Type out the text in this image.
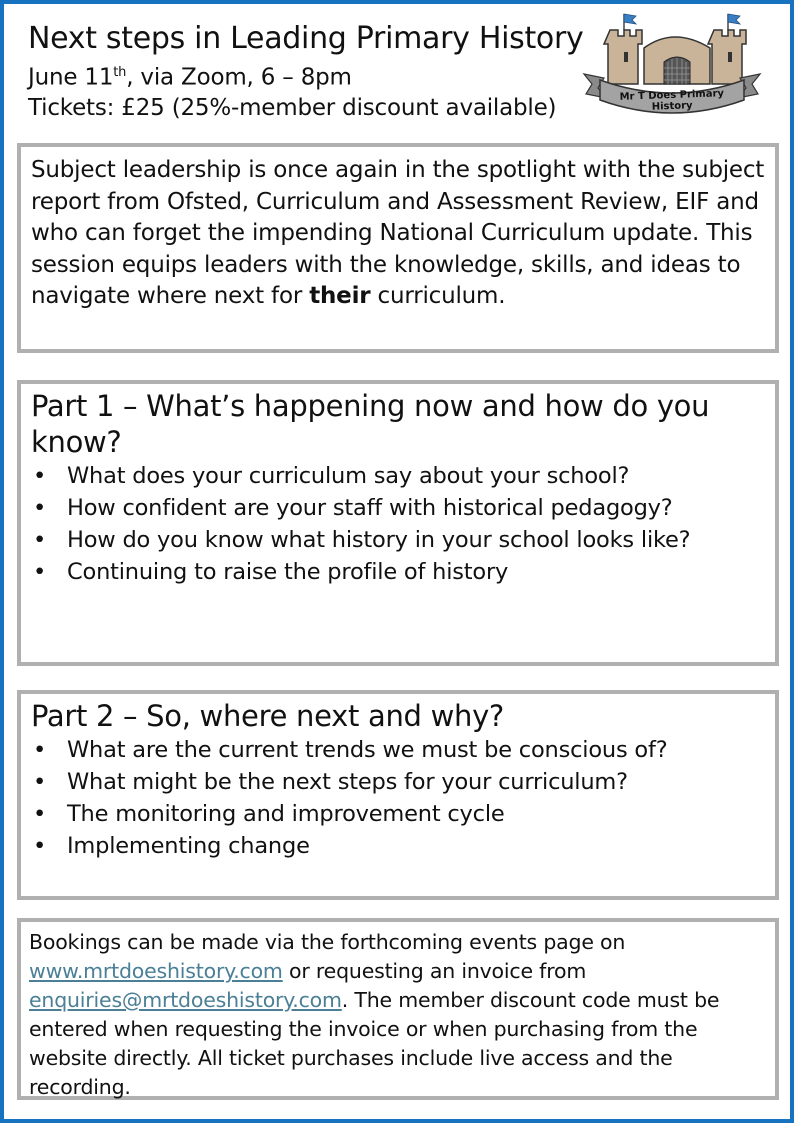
Next steps in Leading Primary History
June 11th, via Zoom, 6 – 8pm
Tickets: £25 (25%-member discount available)	Mr T Does Primary History

Subject leadership is once again in the spotlight with the subject report from Ofsted, Curriculum and Assessment Review, EIF and who can forget the impending National Curriculum update. This session equips leaders with the knowledge, skills, and ideas to navigate where next for their curriculum.

Part 1 – What’s happening now and how do you know?
• What does your curriculum say about your school?
• How confident are your staff with historical pedagogy?
• How do you know what history in your school looks like?
• Continuing to raise the profile of history
Part 2 – So, where next and why?
• What are the current trends we must be conscious of?
• What might be the next steps for your curriculum?
• The monitoring and improvement cycle
• Implementing change

Bookings can be made via the forthcoming events page on www.mrtdoeshistory.com or requesting an invoice from enquiries@mrtdoeshistory.com. The member discount code must be entered when requesting the invoice or when purchasing from the website directly. All ticket purchases include live access and the recording.
